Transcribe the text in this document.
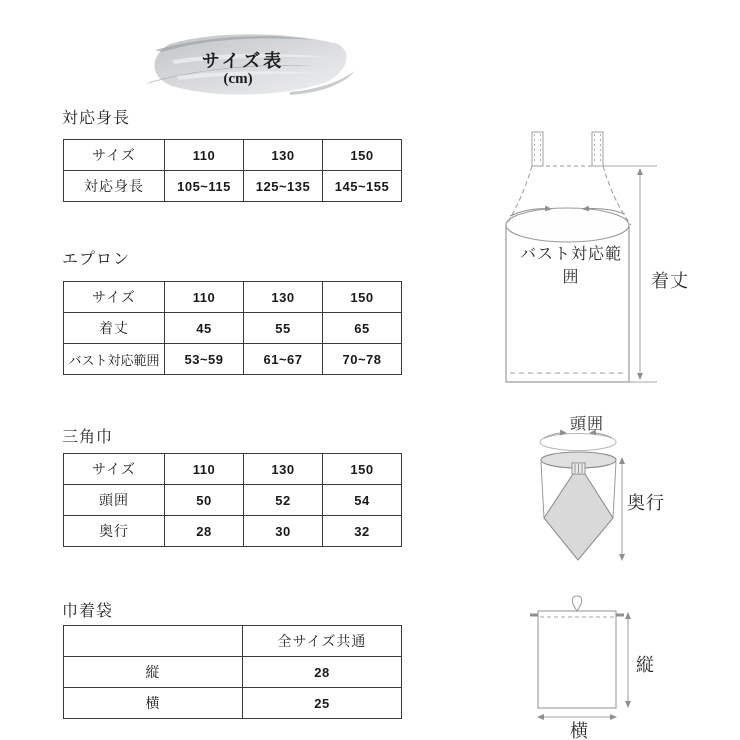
サイズ表
(cm)
対応身長
サイズ	110	130	150
対応身長	105~115	125~135	145~155
エプロン
サイズ	110	130	150
着丈	45	55	65
バスト対応範囲	53~59	61~67	70~78
三角巾
サイズ	110	130	150
頭囲	50	52	54
奥行	28	30	32
巾着袋
	全サイズ共通
縦	28
横	25
バスト対応範囲	着丈
頭囲
奥行
縦
横
